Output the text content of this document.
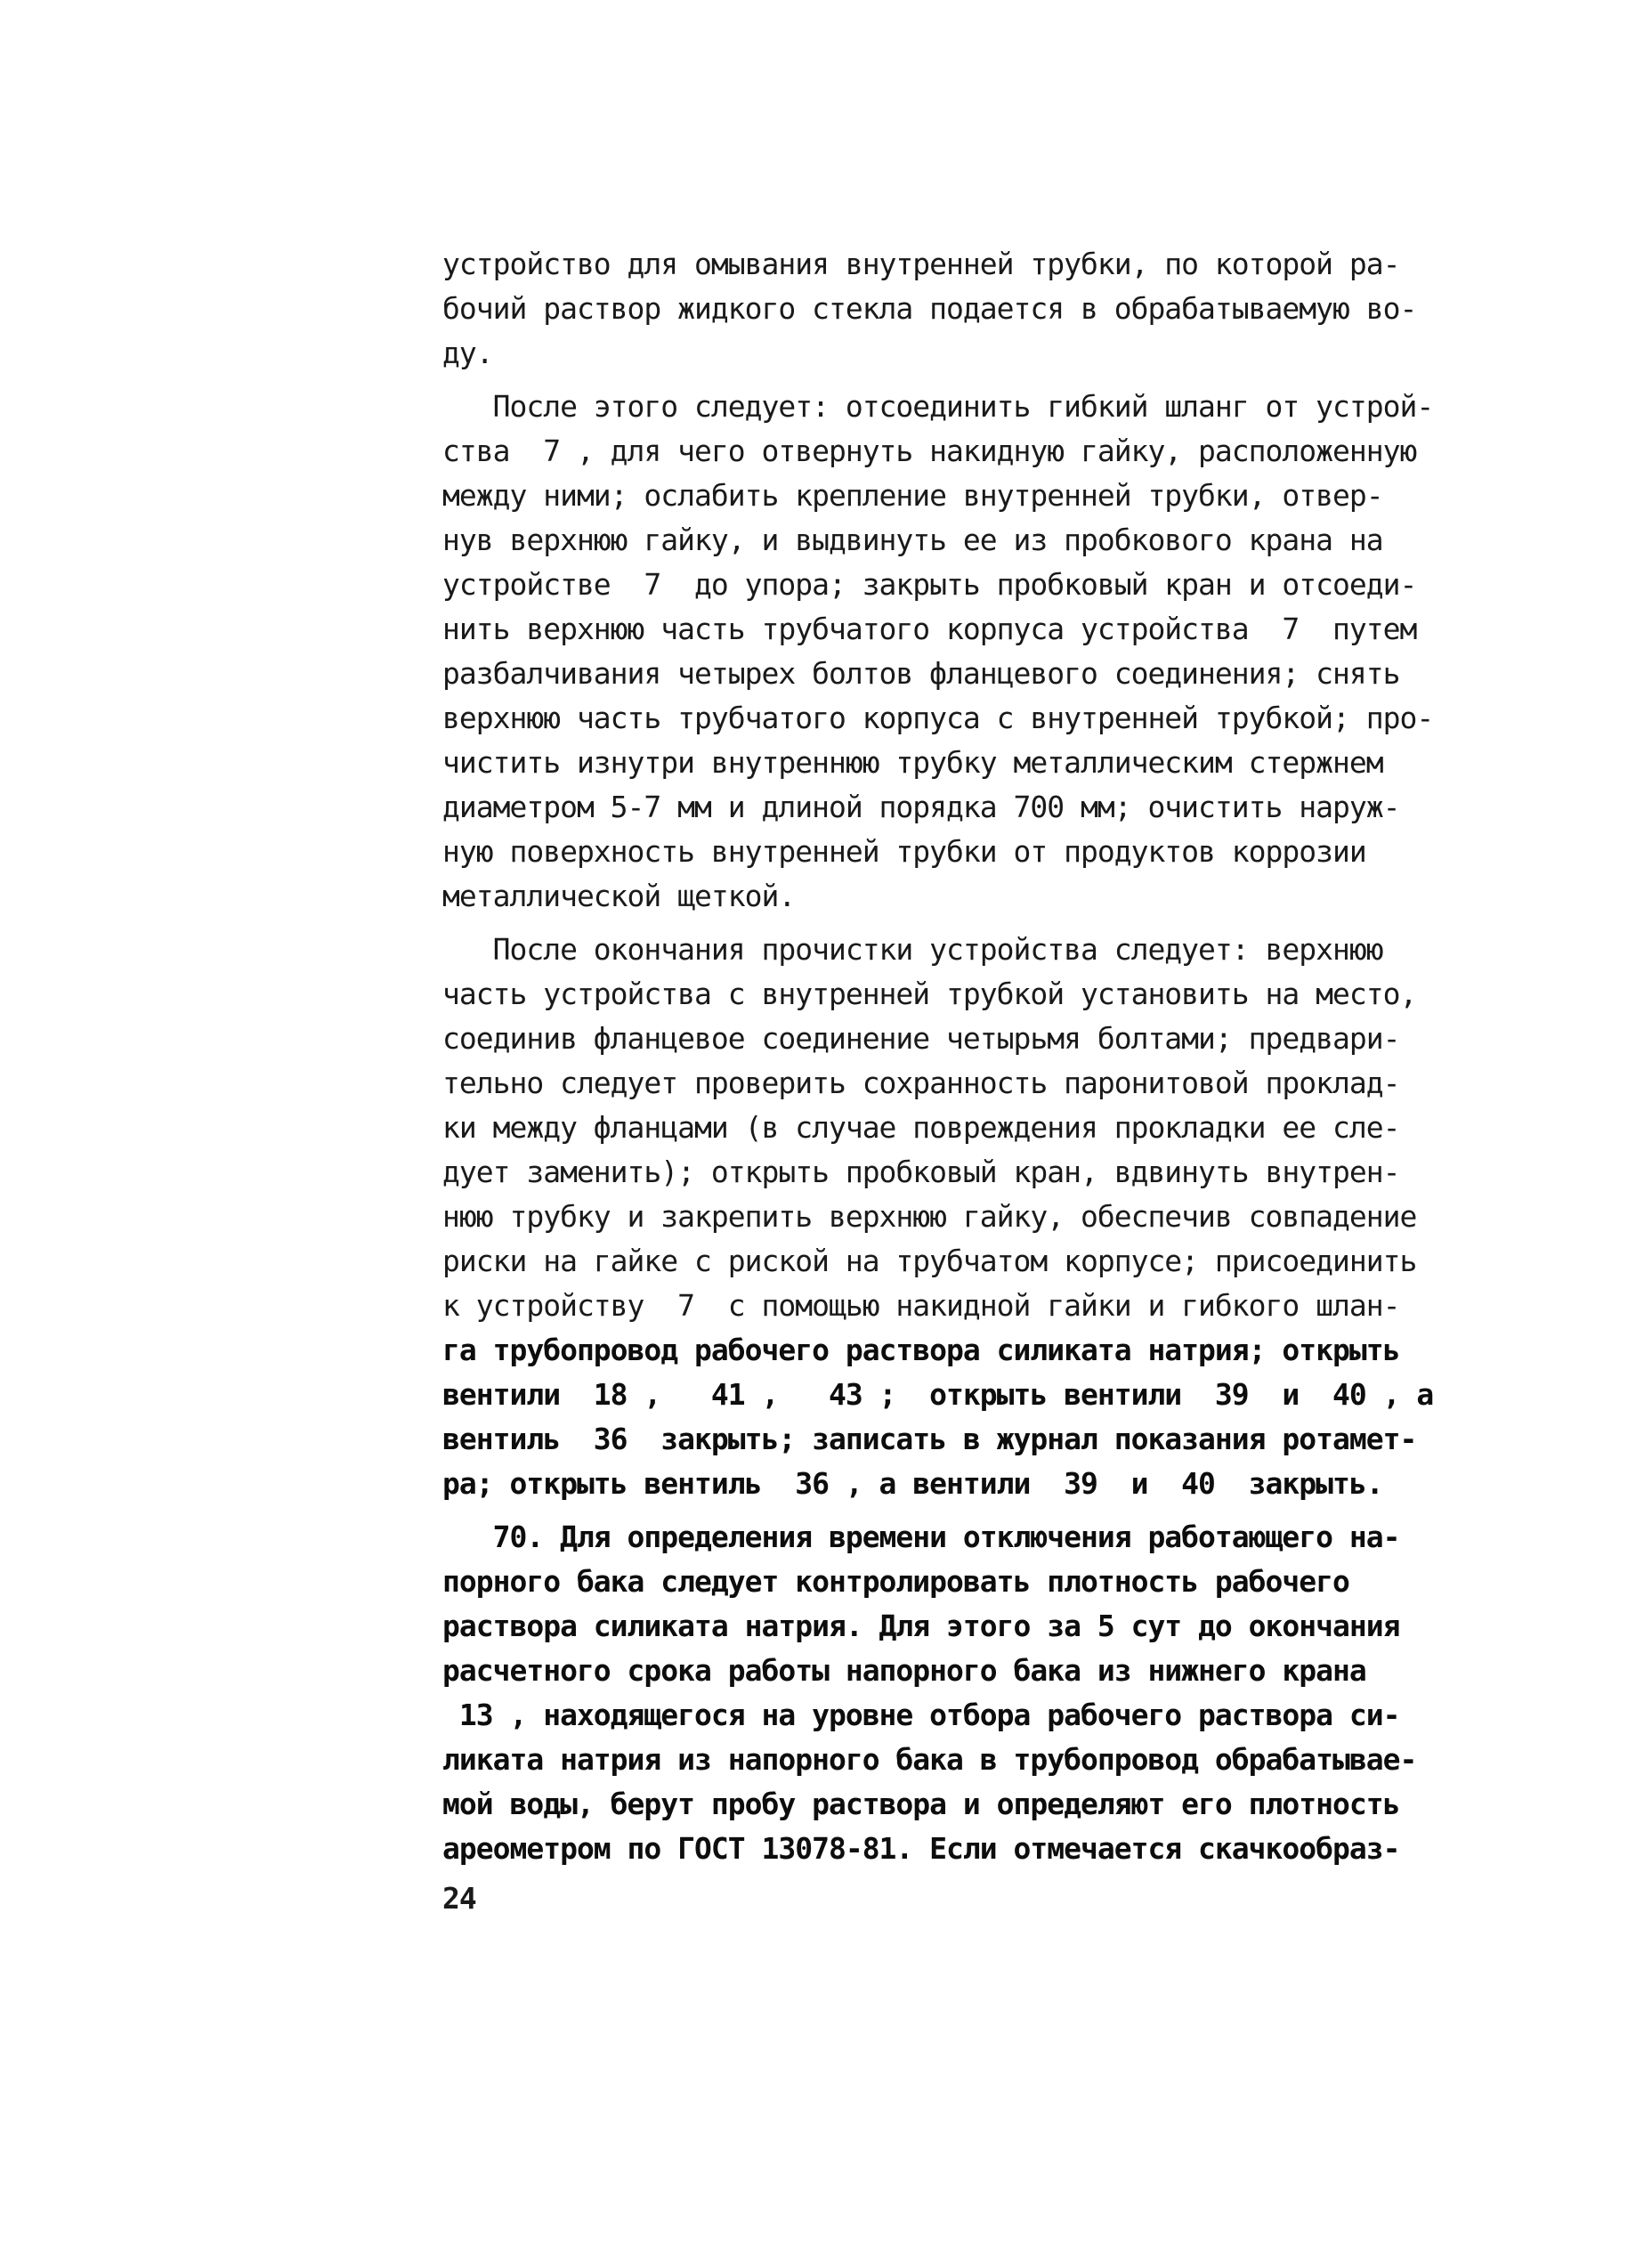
устройство для омывания внутренней трубки, по которой ра-
бочий раствор жидкого стекла подается в обрабатываемую во-
ду.
После этого следует: отсоединить гибкий шланг от устрой-
ства  7 , для чего отвернуть накидную гайку, расположенную
между ними; ослабить крепление внутренней трубки, отвер-
нув верхнюю гайку, и выдвинуть ее из пробкового крана на
устройстве  7  до упора; закрыть пробковый кран и отсоеди-
нить верхнюю часть трубчатого корпуса устройства  7  путем
разбалчивания четырех болтов фланцевого соединения; снять
верхнюю часть трубчатого корпуса с внутренней трубкой; про-
чистить изнутри внутреннюю трубку металлическим стержнем
диаметром 5-7 мм и длиной порядка 700 мм; очистить наруж-
ную поверхность внутренней трубки от продуктов коррозии
металлической щеткой.
После окончания прочистки устройства следует: верхнюю
часть устройства с внутренней трубкой установить на место,
соединив фланцевое соединение четырьмя болтами; предвари-
тельно следует проверить сохранность паронитовой проклад-
ки между фланцами (в случае повреждения прокладки ее сле-
дует заменить); открыть пробковый кран, вдвинуть внутрен-
нюю трубку и закрепить верхнюю гайку, обеспечив совпадение
риски на гайке с риской на трубчатом корпусе; присоединить
к устройству  7  с помощью накидной гайки и гибкого шлан-
га трубопровод рабочего раствора силиката натрия; открыть
вентили  18 ,   41 ,   43 ;  открыть вентили  39  и  40 , а
вентиль  36  закрыть; записать в журнал показания ротамет-
ра; открыть вентиль  36 , а вентили  39  и  40  закрыть.
70. Для определения времени отключения работающего на-
порного бака следует контролировать плотность рабочего
раствора силиката натрия. Для этого за 5 сут до окончания
расчетного срока работы напорного бака из нижнего крана
13 , находящегося на уровне отбора рабочего раствора си-
ликата натрия из напорного бака в трубопровод обрабатывае-
мой воды, берут пробу раствора и определяют его плотность
ареометром по ГОСТ 13078-81. Если отмечается скачкообраз-
24
